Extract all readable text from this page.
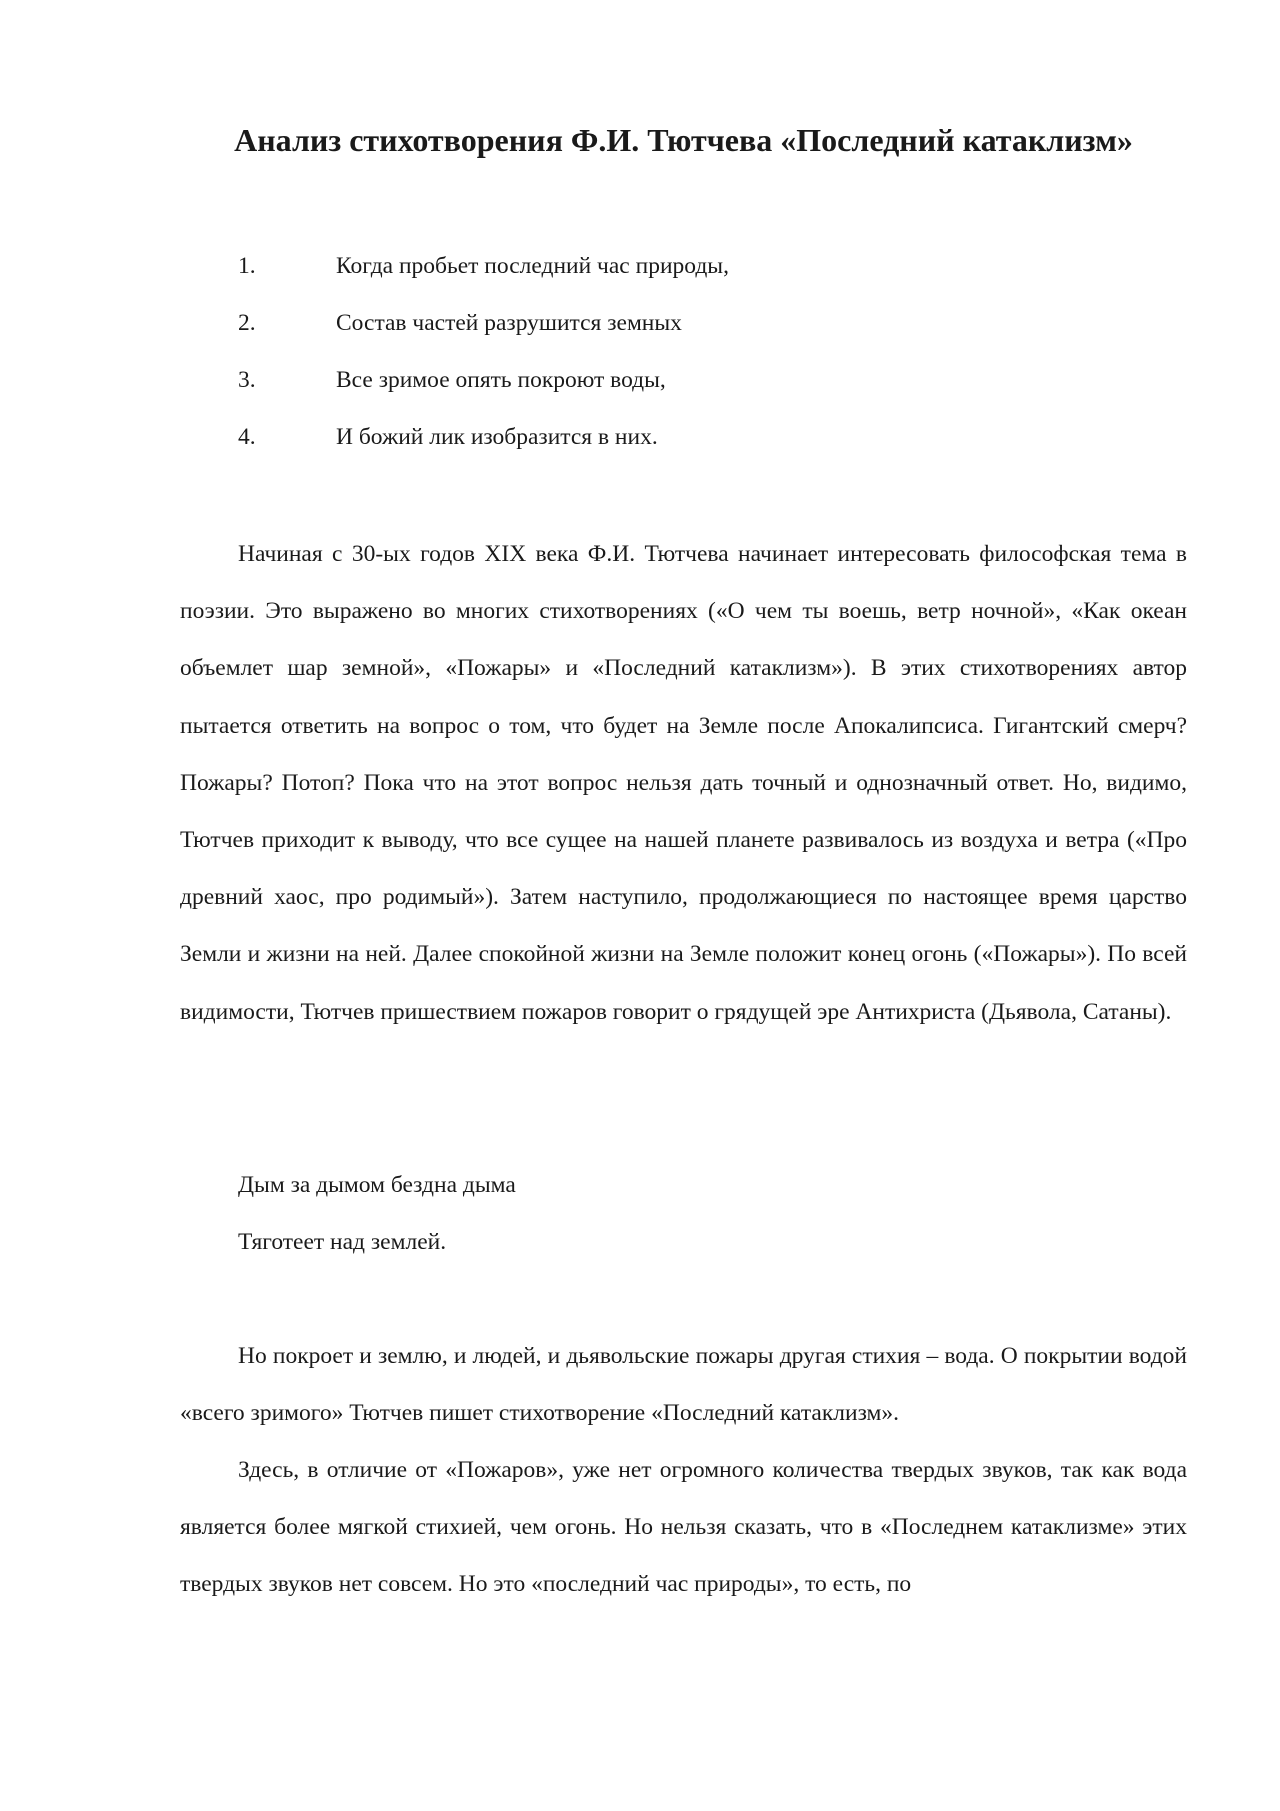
Анализ стихотворения Ф.И. Тютчева «Последний катаклизм»
1.	Когда пробьет последний час природы,
2.	Состав частей разрушится земных
3.	Все зримое опять покроют воды,
4.	И божий лик изобразится в них.

Начиная с 30-ых годов XIX века Ф.И. Тютчева начинает интересовать философская тема в поэзии. Это выражено во многих стихотворениях («О чем ты воешь, ветр ночной», «Как океан объемлет шар земной», «Пожары» и «Последний катаклизм»). В этих стихотворениях автор пытается ответить на вопрос о том, что будет на Земле после Апокалипсиса. Гигантский смерч? Пожары? Потоп? Пока что на этот вопрос нельзя дать точный и однозначный ответ. Но, видимо, Тютчев приходит к выводу, что все сущее на нашей планете развивалось из воздуха и ветра («Про древний хаос, про родимый»). Затем наступило, продолжающиеся по настоящее время царство Земли и жизни на ней. Далее спокойной жизни на Земле положит конец огонь («Пожары»). По всей видимости, Тютчев пришествием пожаров говорит о грядущей эре Антихриста (Дьявола, Сатаны).

Дым за дымом бездна дыма
Тяготеет над землей.

Но покроет и землю, и людей, и дьявольские пожары другая стихия – вода. О покрытии водой «всего зримого» Тютчев пишет стихотворение «Последний катаклизм».

Здесь, в отличие от «Пожаров», уже нет огромного количества твердых звуков, так как вода является более мягкой стихией, чем огонь. Но нельзя сказать, что в «Последнем катаклизме» этих твердых звуков нет совсем. Но это «последний час природы», то есть, по
